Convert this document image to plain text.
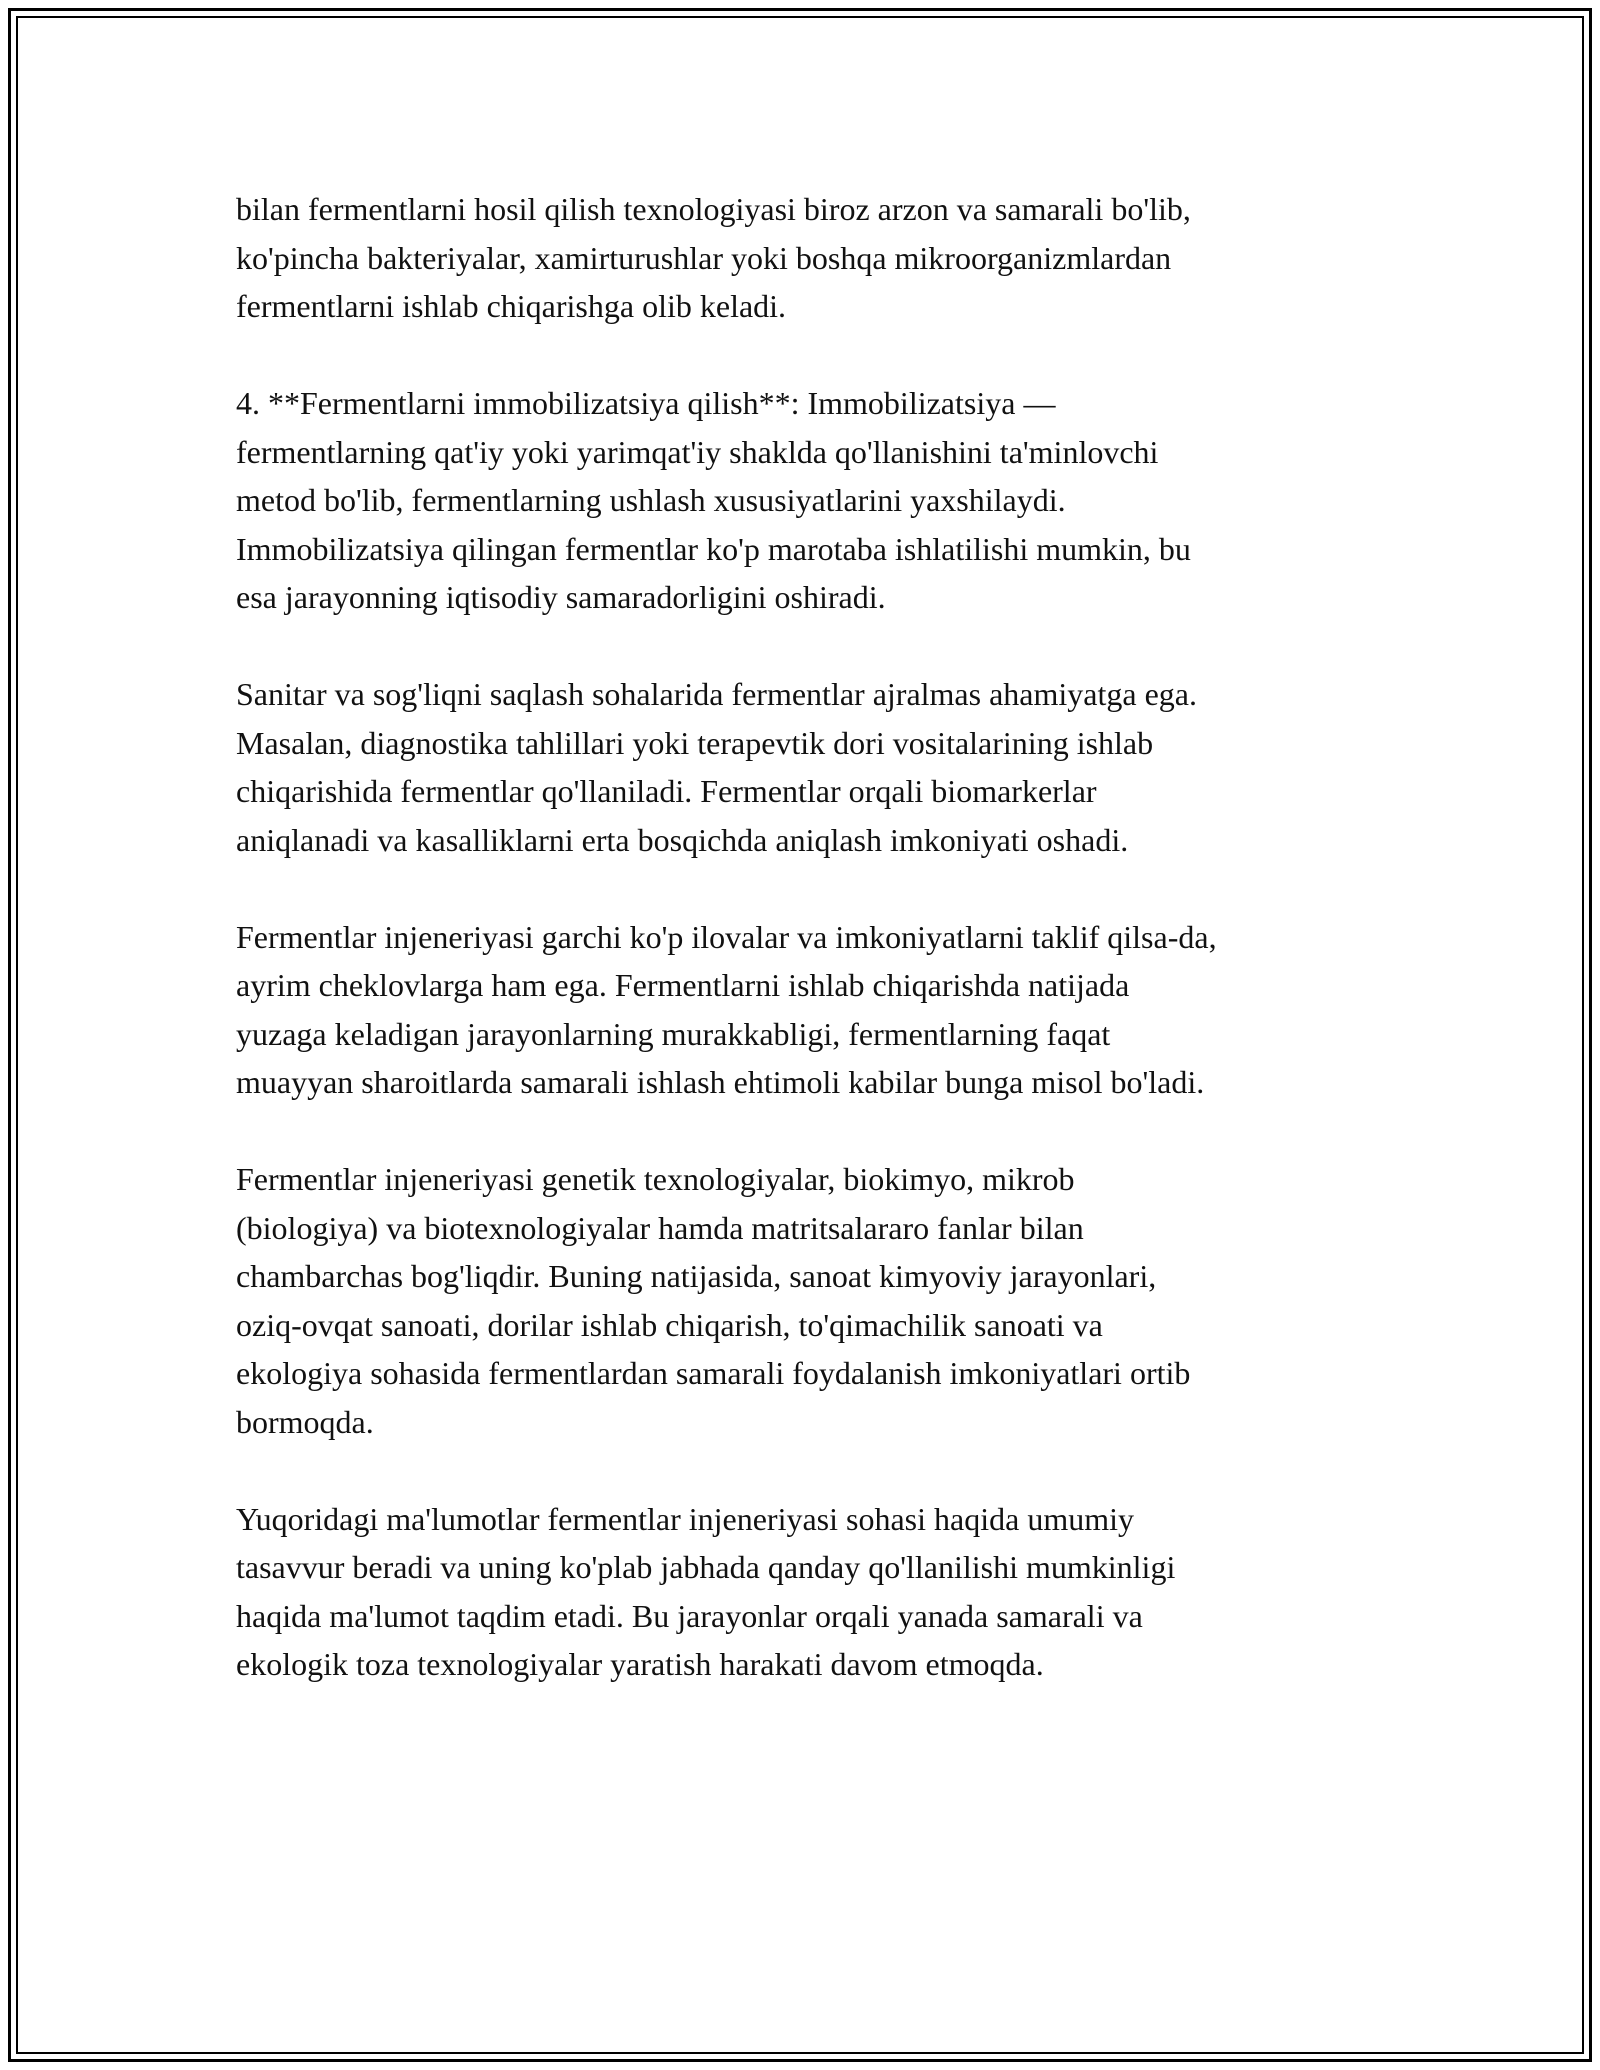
bilan fermentlarni hosil qilish texnologiyasi biroz arzon va samarali bo'lib,
ko'pincha bakteriyalar, xamirturushlar yoki boshqa mikroorganizmlardan
fermentlarni ishlab chiqarishga olib keladi.

4. **Fermentlarni immobilizatsiya qilish**: Immobilizatsiya —
fermentlarning qat'iy yoki yarimqat'iy shaklda qo'llanishini ta'minlovchi
metod bo'lib, fermentlarning ushlash xususiyatlarini yaxshilaydi.
Immobilizatsiya qilingan fermentlar ko'p marotaba ishlatilishi mumkin, bu
esa jarayonning iqtisodiy samaradorligini oshiradi.

Sanitar va sog'liqni saqlash sohalarida fermentlar ajralmas ahamiyatga ega.
Masalan, diagnostika tahlillari yoki terapevtik dori vositalarining ishlab
chiqarishida fermentlar qo'llaniladi. Fermentlar orqali biomarkerlar
aniqlanadi va kasalliklarni erta bosqichda aniqlash imkoniyati oshadi.

Fermentlar injeneriyasi garchi ko'p ilovalar va imkoniyatlarni taklif qilsa-da,
ayrim cheklovlarga ham ega. Fermentlarni ishlab chiqarishda natijada
yuzaga keladigan jarayonlarning murakkabligi, fermentlarning faqat
muayyan sharoitlarda samarali ishlash ehtimoli kabilar bunga misol bo'ladi.

Fermentlar injeneriyasi genetik texnologiyalar, biokimyo, mikrob
(biologiya) va biotexnologiyalar hamda matritsalararo fanlar bilan
chambarchas bog'liqdir. Buning natijasida, sanoat kimyoviy jarayonlari,
oziq-ovqat sanoati, dorilar ishlab chiqarish, to'qimachilik sanoati va
ekologiya sohasida fermentlardan samarali foydalanish imkoniyatlari ortib
bormoqda.

Yuqoridagi ma'lumotlar fermentlar injeneriyasi sohasi haqida umumiy
tasavvur beradi va uning ko'plab jabhada qanday qo'llanilishi mumkinligi
haqida ma'lumot taqdim etadi. Bu jarayonlar orqali yanada samarali va
ekologik toza texnologiyalar yaratish harakati davom etmoqda.
